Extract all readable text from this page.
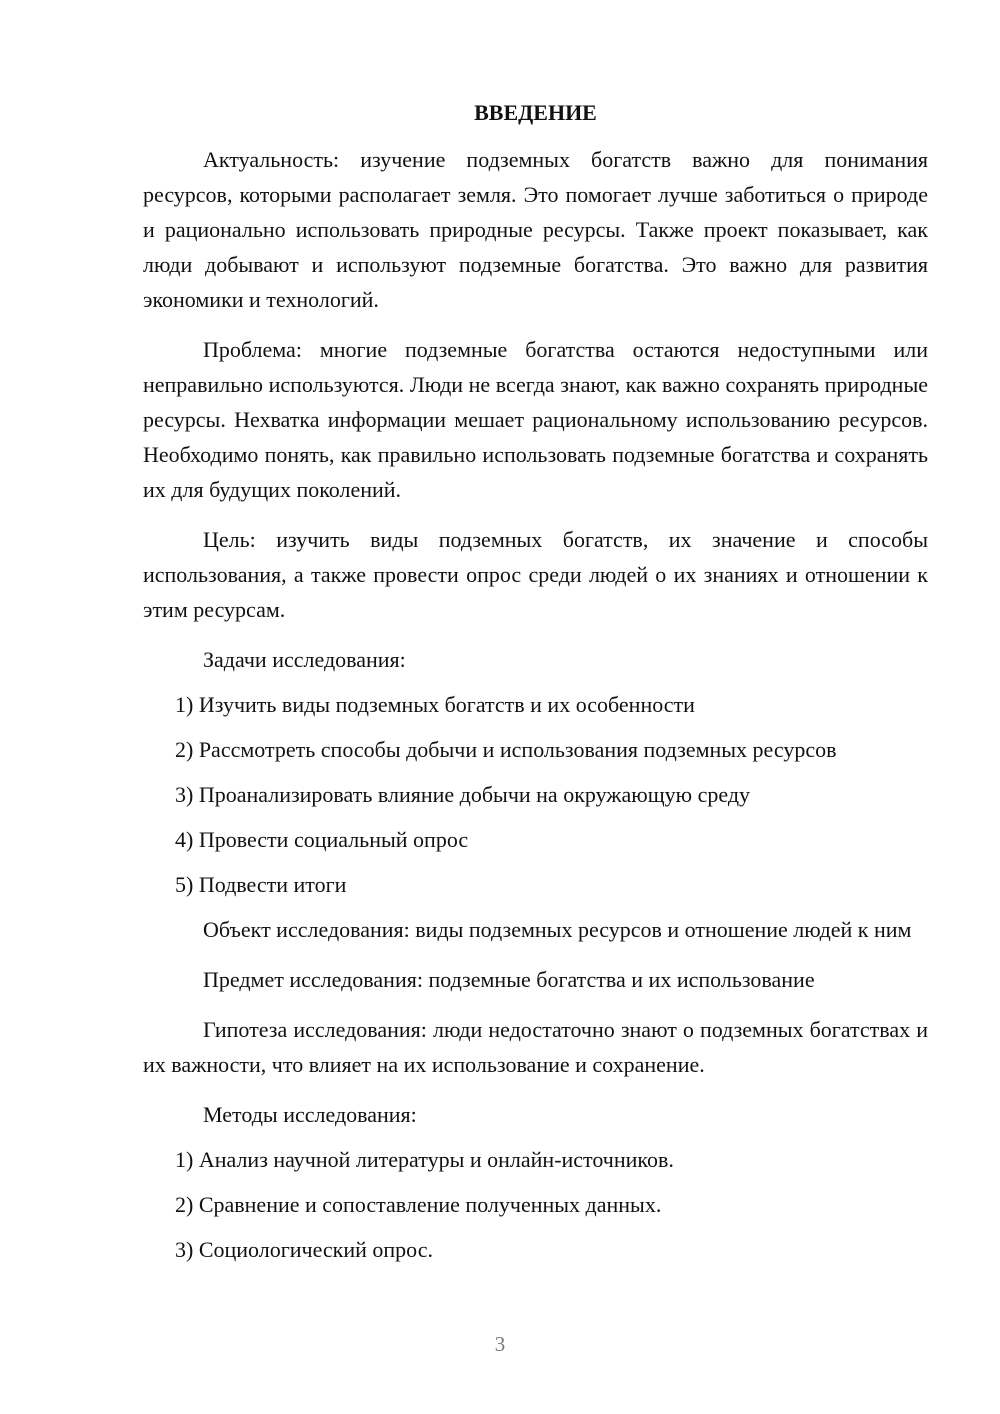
ВВЕДЕНИЕ

Актуальность: изучение подземных богатств важно для понимания ресурсов, которыми располагает земля. Это помогает лучше заботиться о природе и рационально использовать природные ресурсы. Также проект показывает, как люди добывают и используют подземные богатства. Это важно для развития экономики и технологий.

Проблема: многие подземные богатства остаются недоступными или неправильно используются. Люди не всегда знают, как важно сохранять природные ресурсы. Нехватка информации мешает рациональному использованию ресурсов. Необходимо понять, как правильно использовать подземные богатства и сохранять их для будущих поколений.

Цель: изучить виды подземных богатств, их значение и способы использования, а также провести опрос среди людей о их знаниях и отношении к этим ресурсам.

Задачи исследования:

1) Изучить виды подземных богатств и их особенности

2) Рассмотреть способы добычи и использования подземных ресурсов

3) Проанализировать влияние добычи на окружающую среду

4) Провести социальный опрос

5) Подвести итоги

Объект исследования: виды подземных ресурсов и отношение людей к ним

Предмет исследования: подземные богатства и их использование

Гипотеза исследования: люди недостаточно знают о подземных богатствах и их важности, что влияет на их использование и сохранение.

Методы исследования:

1) Анализ научной литературы и онлайн-источников.

2) Сравнение и сопоставление полученных данных.

3) Социологический опрос.

3
